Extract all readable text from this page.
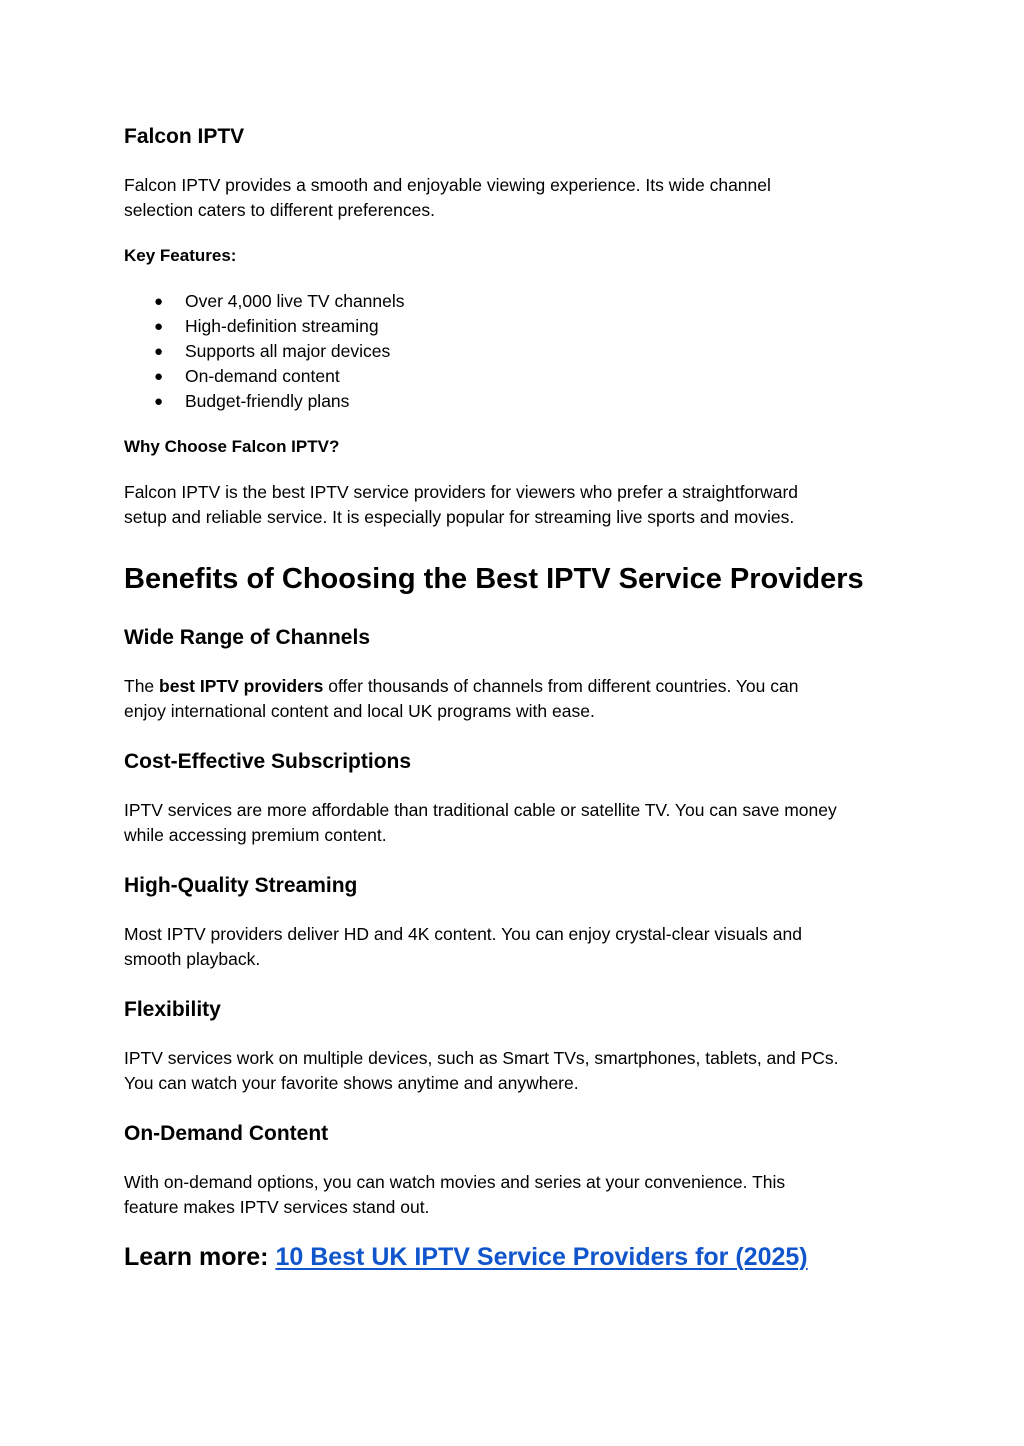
Falcon IPTV
Falcon IPTV provides a smooth and enjoyable viewing experience. Its wide channel
selection caters to different preferences.
Key Features:
● Over 4,000 live TV channels
● High-definition streaming
● Supports all major devices
● On-demand content
● Budget-friendly plans
Why Choose Falcon IPTV?
Falcon IPTV is the best IPTV service providers for viewers who prefer a straightforward
setup and reliable service. It is especially popular for streaming live sports and movies.
Benefits of Choosing the Best IPTV Service Providers
Wide Range of Channels
The best IPTV providers offer thousands of channels from different countries. You can
enjoy international content and local UK programs with ease.
Cost-Effective Subscriptions
IPTV services are more affordable than traditional cable or satellite TV. You can save money
while accessing premium content.
High-Quality Streaming
Most IPTV providers deliver HD and 4K content. You can enjoy crystal-clear visuals and
smooth playback.
Flexibility
IPTV services work on multiple devices, such as Smart TVs, smartphones, tablets, and PCs.
You can watch your favorite shows anytime and anywhere.
On-Demand Content
With on-demand options, you can watch movies and series at your convenience. This
feature makes IPTV services stand out.
Learn more: 10 Best UK IPTV Service Providers for (2025)
